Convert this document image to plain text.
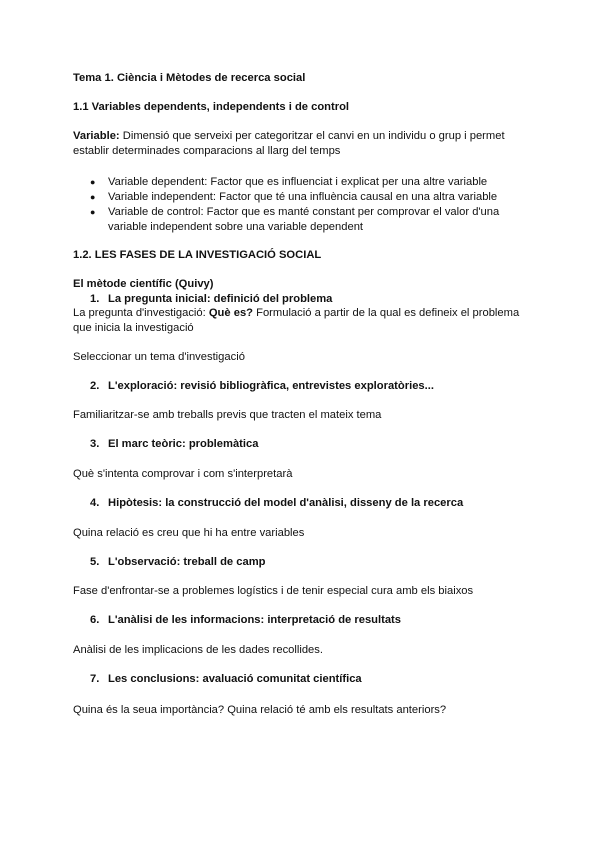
Tema 1. Ciència i Mètodes de recerca social
1.1 Variables dependents, independents i de control
Variable: Dimensió que serveixi per categoritzar el canvi en un individu o grup i permet establir determinades comparacions al llarg del temps
●	Variable dependent: Factor que es influenciat i explicat per una altre variable
●	Variable independent: Factor que té una influència causal en una altra variable
●	Variable de control: Factor que es manté constant per comprovar el valor d'una variable independent sobre una variable dependent
1.2. LES FASES DE LA INVESTIGACIÓ SOCIAL
El mètode científic (Quivy)
1. La pregunta inicial: definició del problema
La pregunta d'investigació: Què es? Formulació a partir de la qual es defineix el problema que inicia la investigació
Seleccionar un tema d'investigació
2. L'exploració: revisió bibliogràfica, entrevistes exploratòries...
Familiaritzar-se amb treballs previs que tracten el mateix tema
3. El marc teòric: problemàtica
Què s'intenta comprovar i com s'interpretarà
4. Hipòtesis: la construcció del model d'anàlisi, disseny de la recerca
Quina relació es creu que hi ha entre variables
5. L'observació: treball de camp
Fase d'enfrontar-se a problemes logístics i de tenir especial cura amb els biaixos
6. L'anàlisi de les informacions: interpretació de resultats
Anàlisi de les implicacions de les dades recollides.
7. Les conclusions: avaluació comunitat científica
Quina és la seua importància? Quina relació té amb els resultats anteriors?
